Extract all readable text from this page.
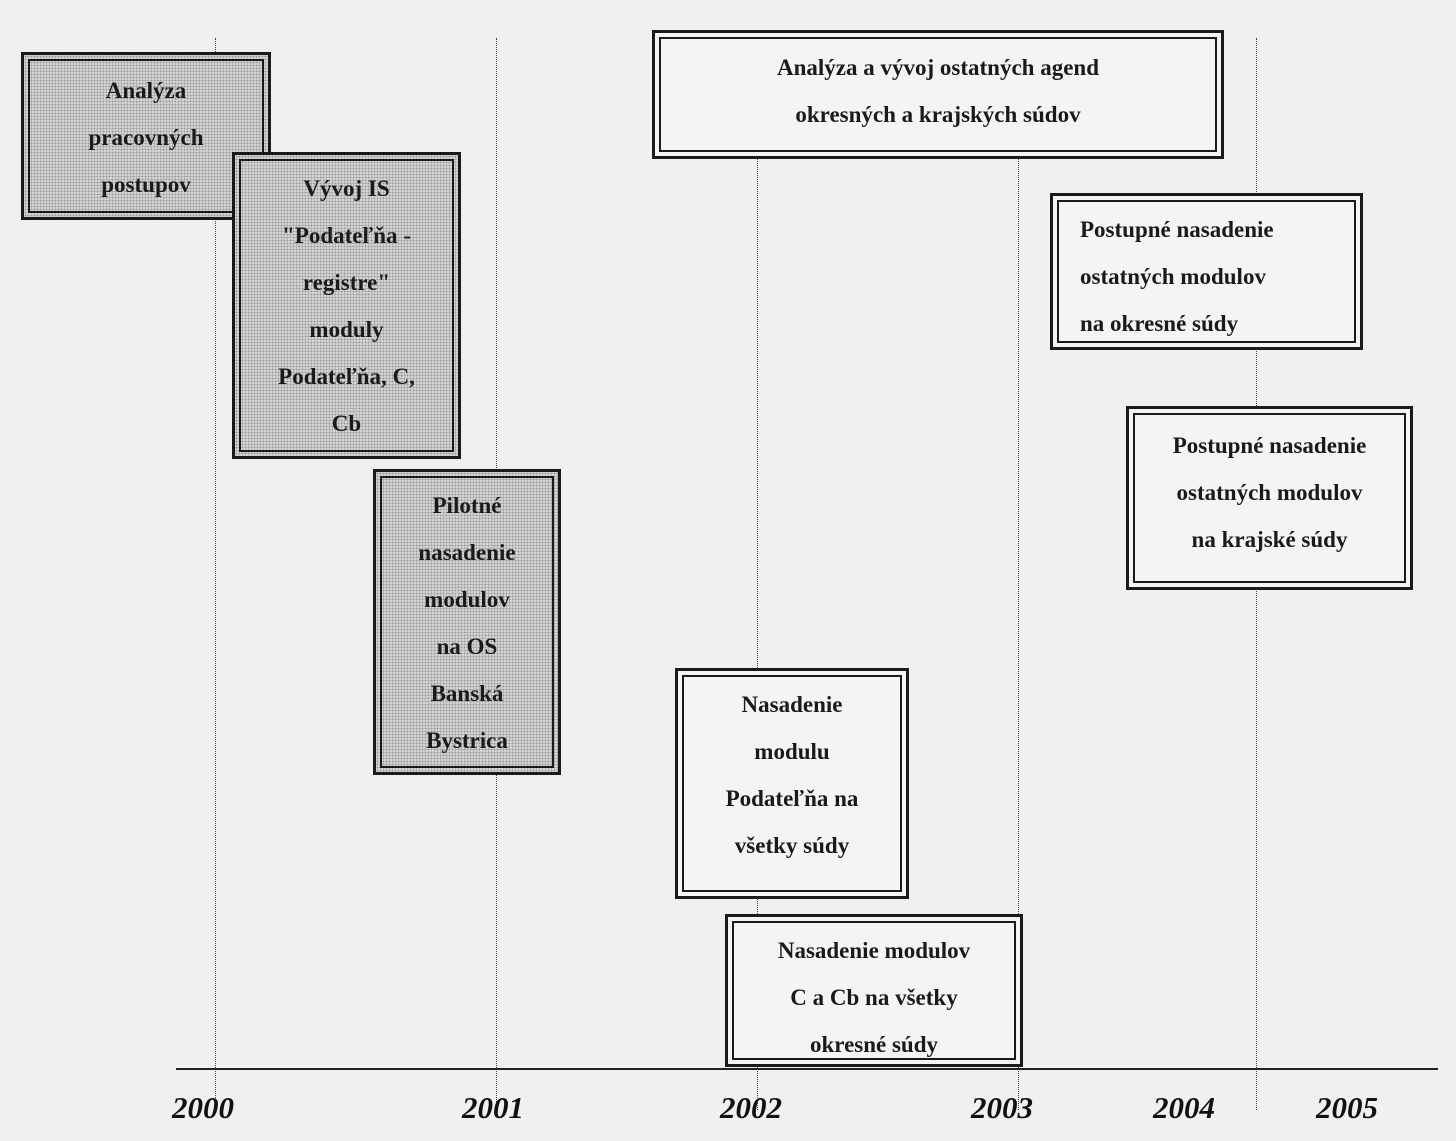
Analýza
pracovných
postupov	Vývoj IS
"Podateľňa -
registre"
moduly
Podateľňa, C,
Cb
Pilotné
nasadenie
modulov
na OS
Banská
Bystrica
Analýza a vývoj ostatných agend
okresných a krajských súdov
Postupné nasadenie
ostatných modulov
na okresné súdy
Postupné nasadenie
ostatných modulov
na krajské súdy
Nasadenie
modulu
Podateľňa na
všetky súdy
Nasadenie modulov
C a Cb na všetky
okresné súdy
2000	2001	2002	2003	2004	2005
